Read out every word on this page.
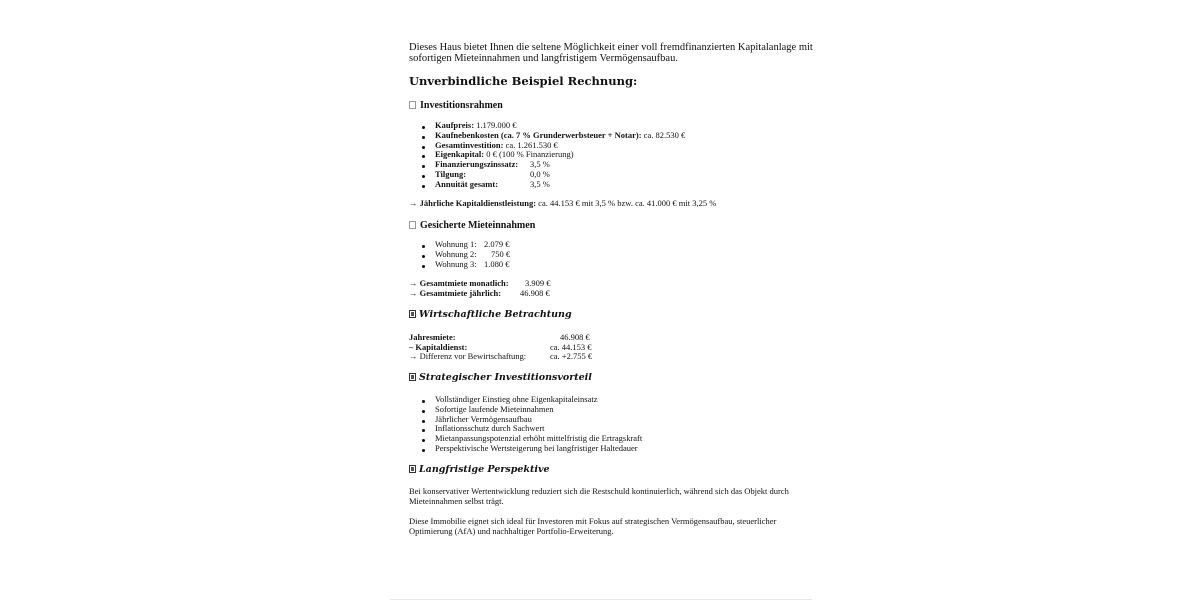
Dieses Haus bietet Ihnen die seltene Möglichkeit einer voll fremdfinanzierten Kapitalanlage mit
sofortigen Mieteinnahmen und langfristigem Vermögensaufbau.
Unverbindliche Beispiel Rechnung:
Investitionsrahmen
Kaufpreis: 1.179.000 €
Kaufnebenkosten (ca. 7 % Grunderwerbsteuer + Notar): ca. 82.530 €
Gesamtinvestition: ca. 1.261.530 €
Eigenkapital: 0 € (100 % Finanzierung)
Finanzierungszinssatz: 3,5 %
Tilgung:	0,0 %
Annuität gesamt:	3,5 %
→ Jährliche Kapitaldienstleistung: ca. 44.153 € mit 3,5 % bzw. ca. 41.000 € mit 3,25 %
Gesicherte Mieteinnahmen
Wohnung 1: 2.079 €
Wohnung 2: 750 €
Wohnung 3: 1.080 €
→ Gesamtmiete monatlich: 3.909 €
→ Gesamtmiete jährlich: 46.908 €
Wirtschaftliche Betrachtung
Jahresmiete:	46.908 €
– Kapitaldienst:	ca. 44.153 €
→ Differenz vor Bewirtschaftung:	ca. +2.755 €
Strategischer Investitionsvorteil
Vollständiger Einstieg ohne Eigenkapitaleinsatz
Sofortige laufende Mieteinnahmen
Jährlicher Vermögensaufbau
Inflationsschutz durch Sachwert
Mietanpassungspotenzial erhöht mittelfristig die Ertragskraft
Perspektivische Wertsteigerung bei langfristiger Haltedauer
Langfristige Perspektive
Bei konservativer Wertentwicklung reduziert sich die Restschuld kontinuierlich, während sich das Objekt durch
Mieteinnahmen selbst trägt.
Diese Immobilie eignet sich ideal für Investoren mit Fokus auf strategischen Vermögensaufbau, steuerlicher
Optimierung (AfA) und nachhaltiger Portfolio-Erweiterung.
